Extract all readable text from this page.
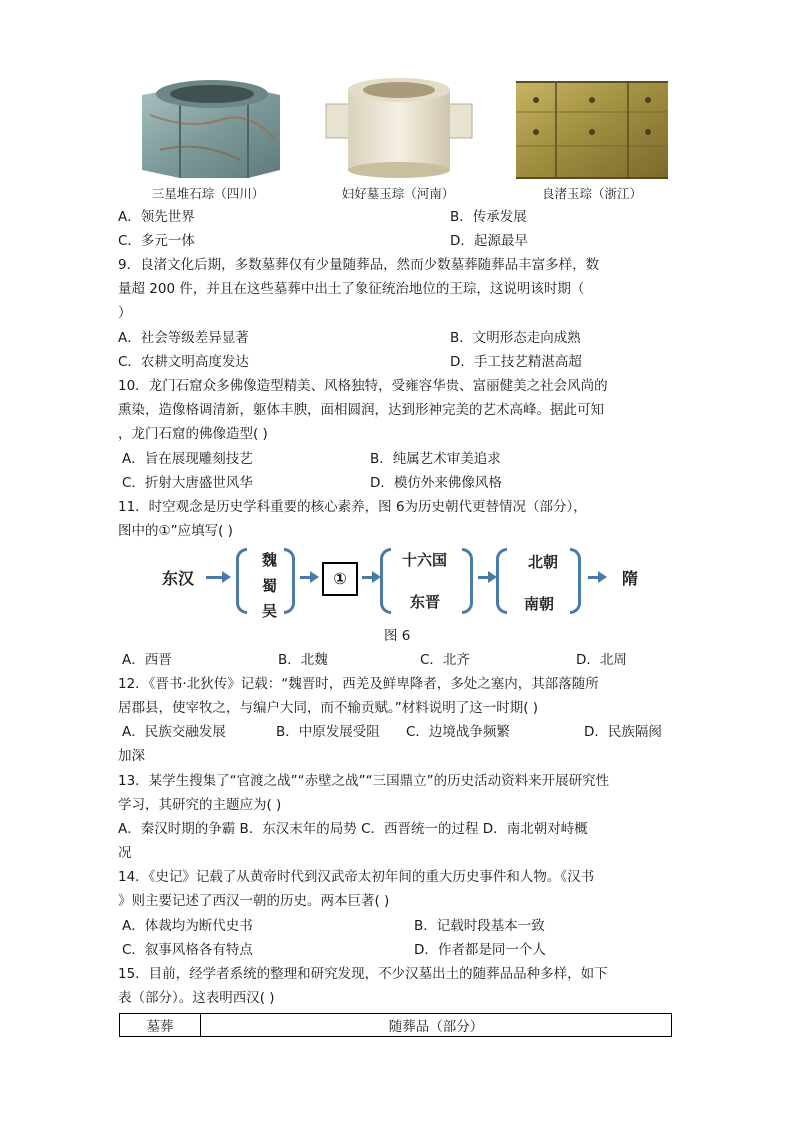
三星堆石琮（四川）	妇好墓玉琮（河南）	良渚玉琮（浙江）
A．领先世界	B．传承发展
C．多元一体	D．起源最早
9．良渚文化后期，多数墓葬仅有少量随葬品，然而少数墓葬随葬品丰富多样，数
量超 200 件，并且在这些墓葬中出土了象征统治地位的王琮，这说明该时期（
）
A．社会等级差异显著	B．文明形态走向成熟
C．农耕文明高度发达	D．手工技艺精湛高超
10．龙门石窟众多佛像造型精美、风格独特，受雍容华贵、富丽健美之社会风尚的
熏染，造像格调清新，躯体丰腴，面相圆润，达到形神完美的艺术高峰。据此可知
，龙门石窟的佛像造型( )
A．旨在展现雕刻技艺	B．纯属艺术审美追求
C．折射大唐盛世风华	D．模仿外来佛像风格
11．时空观念是历史学科重要的核心素养，图 6为历史朝代更替情况（部分），
图中的①”应填写( )
东汉
魏
蜀
吴
①
十六国
东晋
北朝
南朝
隋
图 6
A．西晋	B．北魏	C．北齐	D．北周
12．《晋书·北狄传》记载：“魏晋时，西羌及鲜卑降者，多处之塞内，其部落随所
居郡县，使宰牧之，与编户大同，而不输贡赋。”材料说明了这一时期( )
A．民族交融发展	B．中原发展受阻 C．边境战争频繁	D．民族隔阂
加深
13．某学生搜集了“官渡之战”“赤壁之战”“三国鼎立”的历史活动资料来开展研究性
学习，其研究的主题应为( )
A．秦汉时期的争霸 B．东汉末年的局势 C．西晋统一的过程 D．南北朝对峙概
况
14．《史记》记载了从黄帝时代到汉武帝太初年间的重大历史事件和人物。《汉书
》则主要记述了西汉一朝的历史。两本巨著( )
A．体裁均为断代史书	B．记载时段基本一致
C．叙事风格各有特点	D．作者都是同一个人
15．目前，经学者系统的整理和研究发现，不少汉墓出土的随葬品品种多样，如下
表（部分）。这表明西汉( )
墓葬	随葬品（部分）
